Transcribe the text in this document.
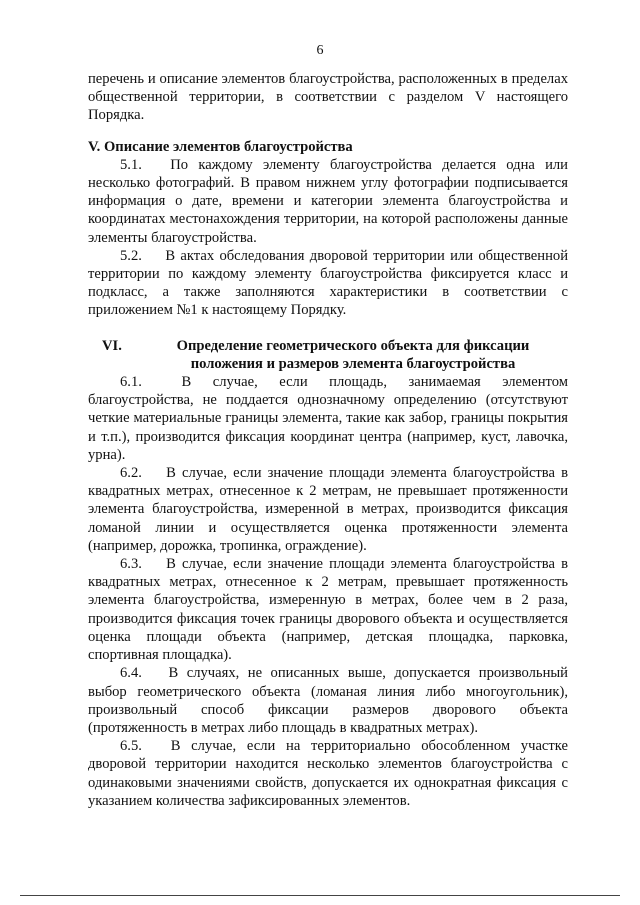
6

перечень и описание элементов благоустройства, расположенных в пределах общественной территории, в соответствии с разделом V настоящего Порядка.

V. Описание элементов благоустройства

5.1. По каждому элементу благоустройства делается одна или несколько фотографий. В правом нижнем углу фотографии подписывается информация о дате, времени и категории элемента благоустройства и координатах местонахождения территории, на которой расположены данные элементы благоустройства.

5.2. В актах обследования дворовой территории или общественной территории по каждому элементу благоустройства фиксируется класс и подкласс, а также заполняются характеристики в соответствии с приложением №1 к настоящему Порядку.

VI.	Определение геометрического объекта для фиксации положения и размеров элемента благоустройства

6.1.	В случае, если площадь, занимаемая элементом благоустройства, не поддается однозначному определению (отсутствуют четкие материальные границы элемента, такие как забор, границы покрытия и т.п.), производится фиксация координат центра (например, куст, лавочка, урна).

6.2. В случае, если значение площади элемента благоустройства в квадратных метрах, отнесенное к 2 метрам, не превышает протяженности элемента благоустройства, измеренной в метрах, производится фиксация ломаной линии и осуществляется оценка протяженности элемента (например, дорожка, тропинка, ограждение).

6.3. В случае, если значение площади элемента благоустройства в квадратных метрах, отнесенное к 2 метрам, превышает протяженность элемента благоустройства, измеренную в метрах, более чем в 2 раза, производится фиксация точек границы дворового объекта и осуществляется оценка площади объекта (например, детская площадка, парковка, спортивная площадка).

6.4. В случаях, не описанных выше, допускается произвольный выбор геометрического объекта (ломаная линия либо многоугольник), произвольный способ фиксации размеров дворового объекта (протяженность в метрах либо площадь в квадратных метрах).

6.5. В случае, если на территориально обособленном участке дворовой территории находится несколько элементов благоустройства с одинаковыми значениями свойств, допускается их однократная фиксация с указанием количества зафиксированных элементов.
